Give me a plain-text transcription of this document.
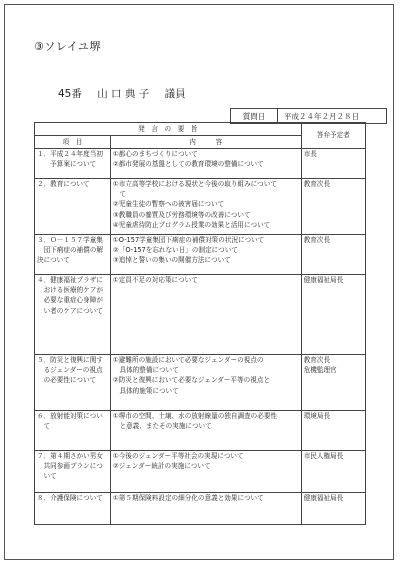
③ソレイユ堺
45番 山 口 典 子 議員
質問日	平成２４年２月２８日
発　言　の　要　旨		答弁予定者
項　目	内　　　容	
１．平成２４年度当初
　　予算案について	①都心のまちづくりについて
②都市発展の基盤としての教育環境の整備について	市長
２．教育について	①市立高等学校における現状と今後の取り組みについて
　て
②児童生徒の暫察への被害届について
③教職員の養質及び労務環境等の改善について
④児童虐待防止プログラム授業の効果と活用について	教育次長
３．Ｏ－１５７学童集
　団下痢症の補償の解決について	①O-157学童集団下痢症の補償対策の状況について
②「O-157を忘れない日」の制定について
③追悼と誓いの集いの開催方法について	教育次長
４．健康福祉プラザに
　おける医療的ケアが
　必要な重症心身障が
　い者のケアについて	①定員不足の対応策について	健康福祉局長
５．防災と復興に関す
　るジェンダーの視点
　の必要性について	①避難所の施設において必要なジェンダーの視点の
　具体的整備について
②防災と復興において必要なジェンダー平等の視点と
　具体的施策について	教育次長
危機監理官
６．放射能対策につい
　て	①堺市の空間、土壌、水の放射線量の独自調査の必要性
　と意義、またその実施について	環境局長
７．第４期さかい男女
　共同参画プランにつ
　いて	①今後のジェンダー平等社会の実現について
②ジェンダー統計の実施について	市民人権局長
８．介護保険について	①第５期保険料設定の細分化の意義と効果について	健康福祉局長
